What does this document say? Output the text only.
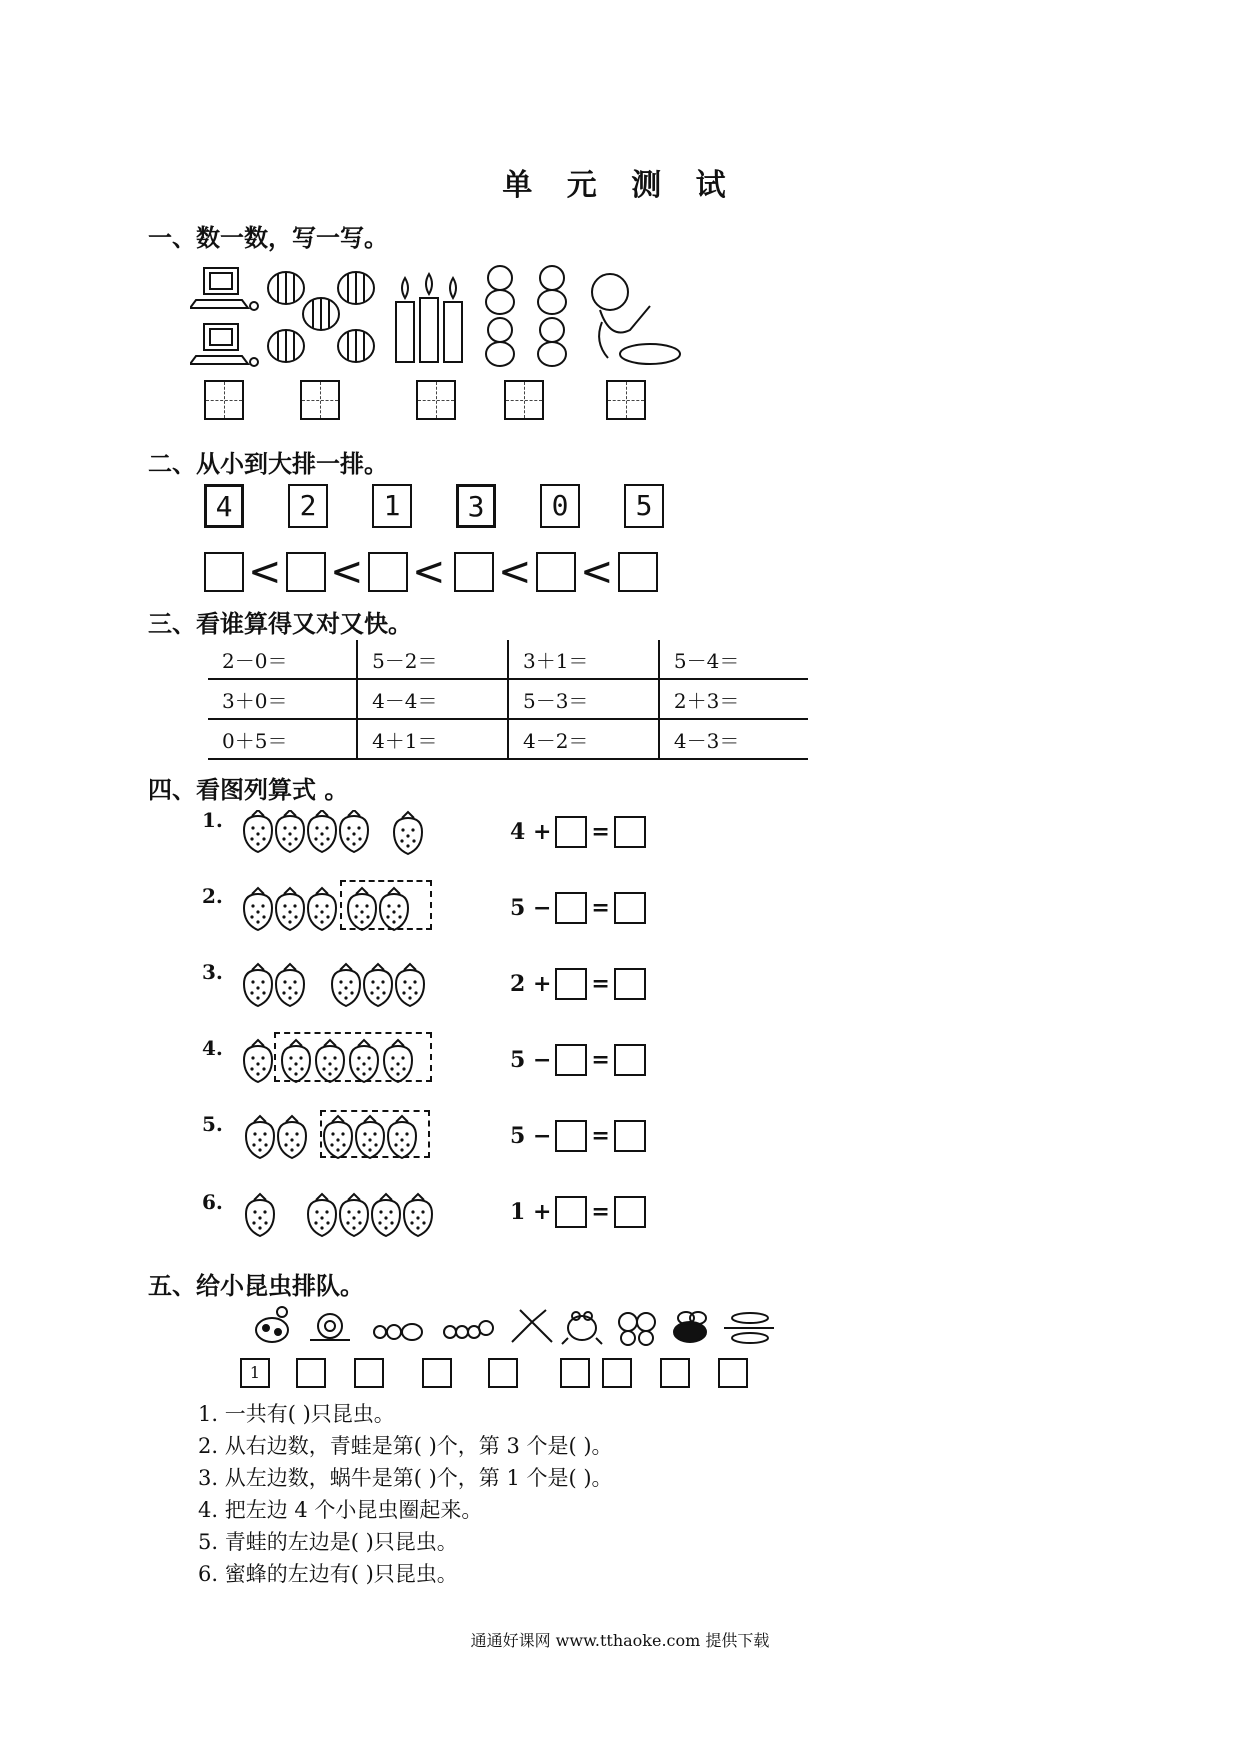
单 元 测 试
一、数一数，写一写。
二、从小到大排一排。
4	2	1	3	0	5
< < < < <
三、看谁算得又对又快。
2－0＝	5－2＝	3＋1＝	5－4＝
3＋0＝	4－4＝	5－3＝	2＋3＝
0＋5＝	4＋1＝	4－2＝	4－3＝
四、看图列算式 。
1.	4 + =
2.	5 − =
3.	2 + =
4.	5 − =
5.	5 − =
6.	1 + =
五、给小昆虫排队。
1
1. 一共有( )只昆虫。
2. 从右边数，青蛙是第( )个，第 3 个是( )。
3. 从左边数，蜗牛是第( )个，第 1 个是( )。
4. 把左边 4 个小昆虫圈起来。
5. 青蛙的左边是( )只昆虫。
6. 蜜蜂的左边有( )只昆虫。
通通好课网 www.tthaoke.com 提供下载
